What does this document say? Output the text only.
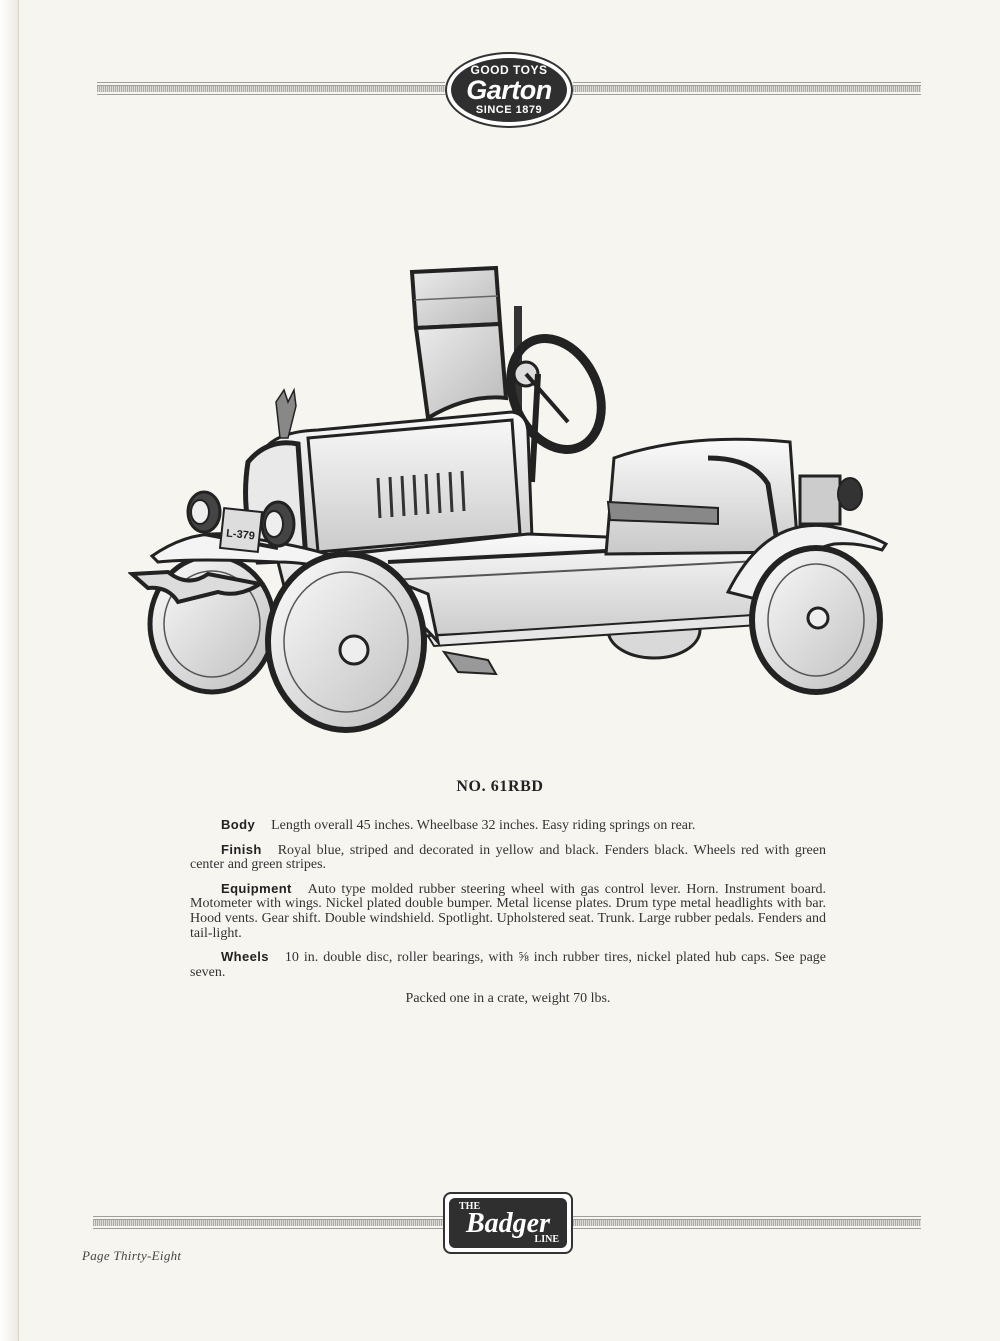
GOOD TOYS
Garton
SINCE 1879
L-379
NO. 61RBD

Body Length overall 45 inches. Wheelbase 32 inches. Easy riding springs on rear.

Finish Royal blue, striped and decorated in yellow and black. Fenders black. Wheels red with green center and green stripes.

Equipment Auto type molded rubber steering wheel with gas control lever. Horn. Instrument board. Motometer with wings. Nickel plated double bumper. Metal license plates. Drum type metal headlights with bar. Hood vents. Gear shift. Double windshield. Spotlight. Upholstered seat. Trunk. Large rubber pedals. Fenders and tail-light.

Wheels 10 in. double disc, roller bearings, with ⅝ inch rubber tires, nickel plated hub caps. See page seven.

Packed one in a crate, weight 70 lbs.
THE
Badger
LINE
Page Thirty-Eight
